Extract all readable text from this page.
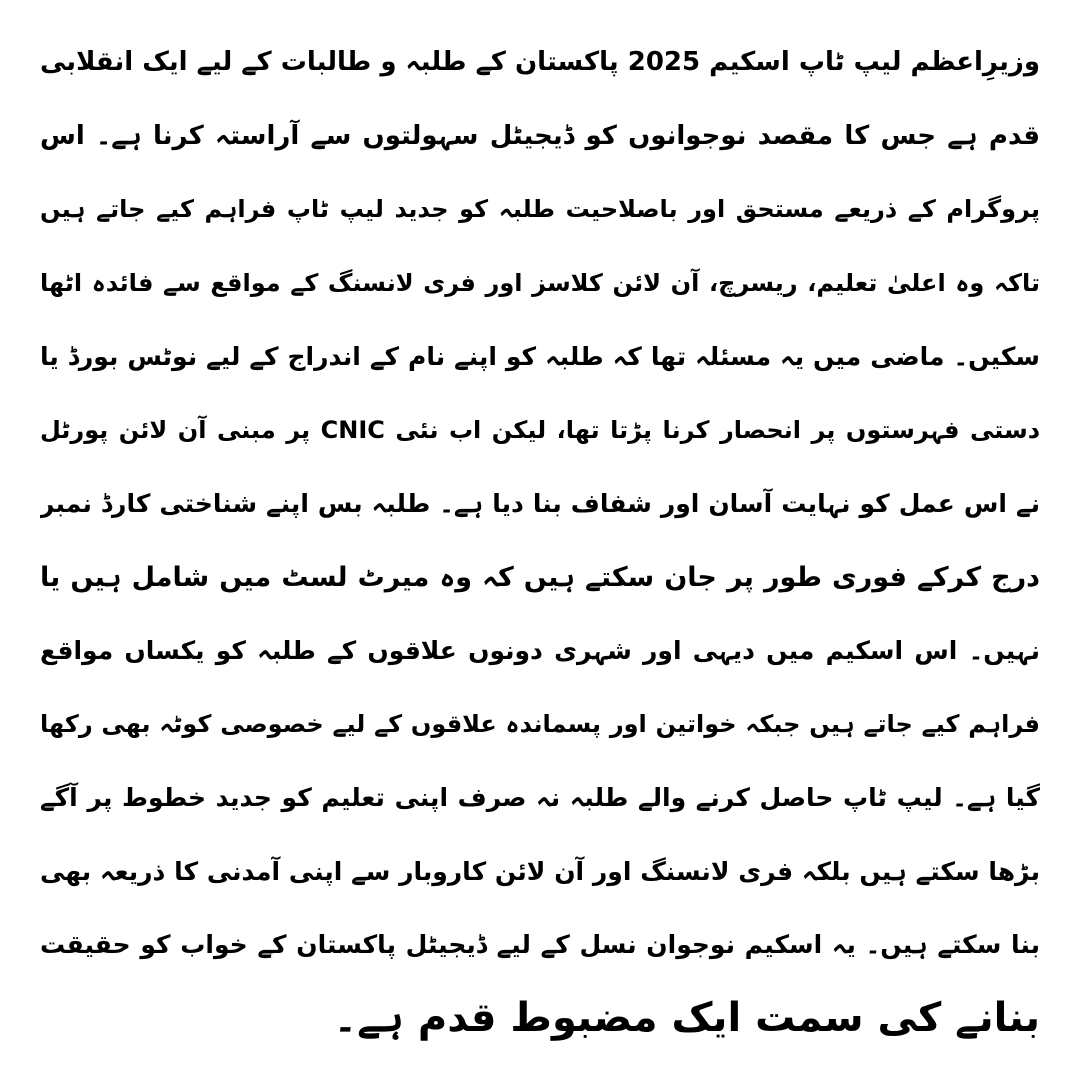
وزیرِاعظم لیپ ٹاپ اسکیم 2025 پاکستان کے طلبہ و طالبات کے لیے ایک انقلابی
قدم ہے جس کا مقصد نوجوانوں کو ڈیجیٹل سہولتوں سے آراستہ کرنا ہے۔ اس
پروگرام کے ذریعے مستحق اور باصلاحیت طلبہ کو جدید لیپ ٹاپ فراہم کیے جاتے ہیں
تاکہ وہ اعلیٰ تعلیم، ریسرچ، آن لائن کلاسز اور فری لانسنگ کے مواقع سے فائدہ اٹھا
سکیں۔ ماضی میں یہ مسئلہ تھا کہ طلبہ کو اپنے نام کے اندراج کے لیے نوٹس بورڈ یا
دستی فہرستوں پر انحصار کرنا پڑتا تھا، لیکن اب نئی CNIC پر مبنی آن لائن پورٹل
نے اس عمل کو نہایت آسان اور شفاف بنا دیا ہے۔ طلبہ بس اپنے شناختی کارڈ نمبر
درج کرکے فوری طور پر جان سکتے ہیں کہ وہ میرٹ لسٹ میں شامل ہیں یا
نہیں۔ اس اسکیم میں دیہی اور شہری دونوں علاقوں کے طلبہ کو یکساں مواقع
فراہم کیے جاتے ہیں جبکہ خواتین اور پسماندہ علاقوں کے لیے خصوصی کوٹہ بھی رکھا
گیا ہے۔ لیپ ٹاپ حاصل کرنے والے طلبہ نہ صرف اپنی تعلیم کو جدید خطوط پر آگے
بڑھا سکتے ہیں بلکہ فری لانسنگ اور آن لائن کاروبار سے اپنی آمدنی کا ذریعہ بھی
بنا سکتے ہیں۔ یہ اسکیم نوجوان نسل کے لیے ڈیجیٹل پاکستان کے خواب کو حقیقت
بنانے کی سمت ایک مضبوط قدم ہے۔
